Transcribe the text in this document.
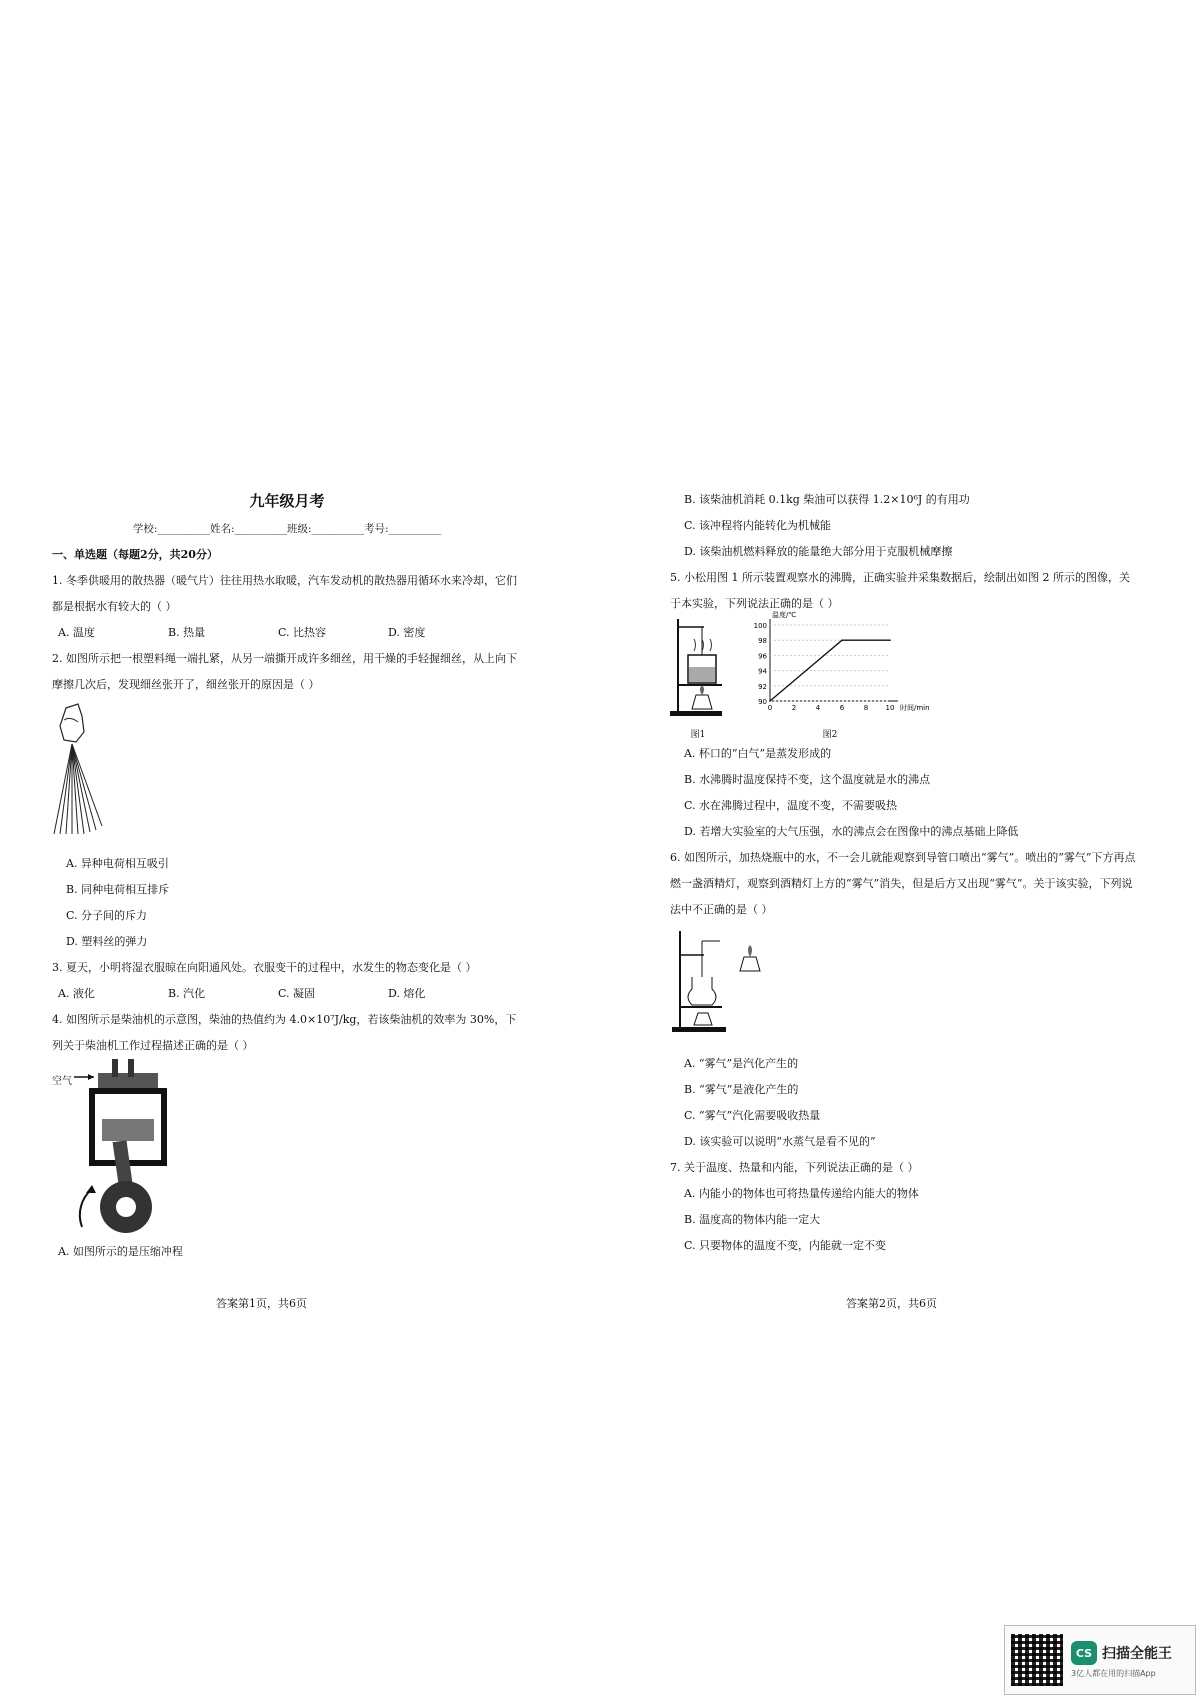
九年级月考
学校:__________姓名:__________班级:__________考号:__________
一、单选题（每题2分，共20分）
1. 冬季供暖用的散热器（暖气片）往往用热水取暖，汽车发动机的散热器用循环水来冷却，它们都是根据水有较大的（ ）
A. 温度	B. 热量	C. 比热容	D. 密度
2. 如图所示把一根塑料绳一端扎紧，从另一端撕开成许多细丝，用干燥的手轻握细丝，从上向下摩擦几次后，发现细丝张开了，细丝张开的原因是（ ）
A. 异种电荷相互吸引
B. 同种电荷相互排斥
C. 分子间的斥力
D. 塑料丝的弹力
3. 夏天，小明将湿衣服晾在向阳通风处。衣服变干的过程中，水发生的物态变化是（ ）
A. 液化	B. 汽化	C. 凝固	D. 熔化
4. 如图所示是柴油机的示意图，柴油的热值约为 4.0×10⁷J/kg，若该柴油机的效率为 30%，下列关于柴油机工作过程描述正确的是（ ）
空气
A. 如图所示的是压缩冲程
B. 该柴油机消耗 0.1kg 柴油可以获得 1.2×10⁶J 的有用功
C. 该冲程将内能转化为机械能
D. 该柴油机燃料释放的能量绝大部分用于克服机械摩擦
5. 小松用图 1 所示装置观察水的沸腾，正确实验并采集数据后，绘制出如图 2 所示的图像，关于本实验，下列说法正确的是（ ）
图1
90
92
94
96
98
100
0	2	4	6	8 10
温度/℃
时间/min
图2
A. 杯口的“白气”是蒸发形成的
B. 水沸腾时温度保持不变，这个温度就是水的沸点
C. 水在沸腾过程中，温度不变，不需要吸热
D. 若增大实验室的大气压强，水的沸点会在图像中的沸点基础上降低
6. 如图所示，加热烧瓶中的水，不一会儿就能观察到导管口喷出“雾气”。喷出的“雾气”下方再点燃一盏酒精灯，观察到酒精灯上方的“雾气”消失，但是后方又出现“雾气”。关于该实验，下列说法中不正确的是（ ）
A. “雾气”是汽化产生的
B. “雾气”是液化产生的
C. “雾气”汽化需要吸收热量
D. 该实验可以说明“水蒸气是看不见的”
7. 关于温度、热量和内能，下列说法正确的是（ ）
A. 内能小的物体也可将热量传递给内能大的物体
B. 温度高的物体内能一定大
C. 只要物体的温度不变，内能就一定不变
答案第1页，共6页	答案第2页，共6页
CS 扫描全能王
3亿人都在用的扫描App
